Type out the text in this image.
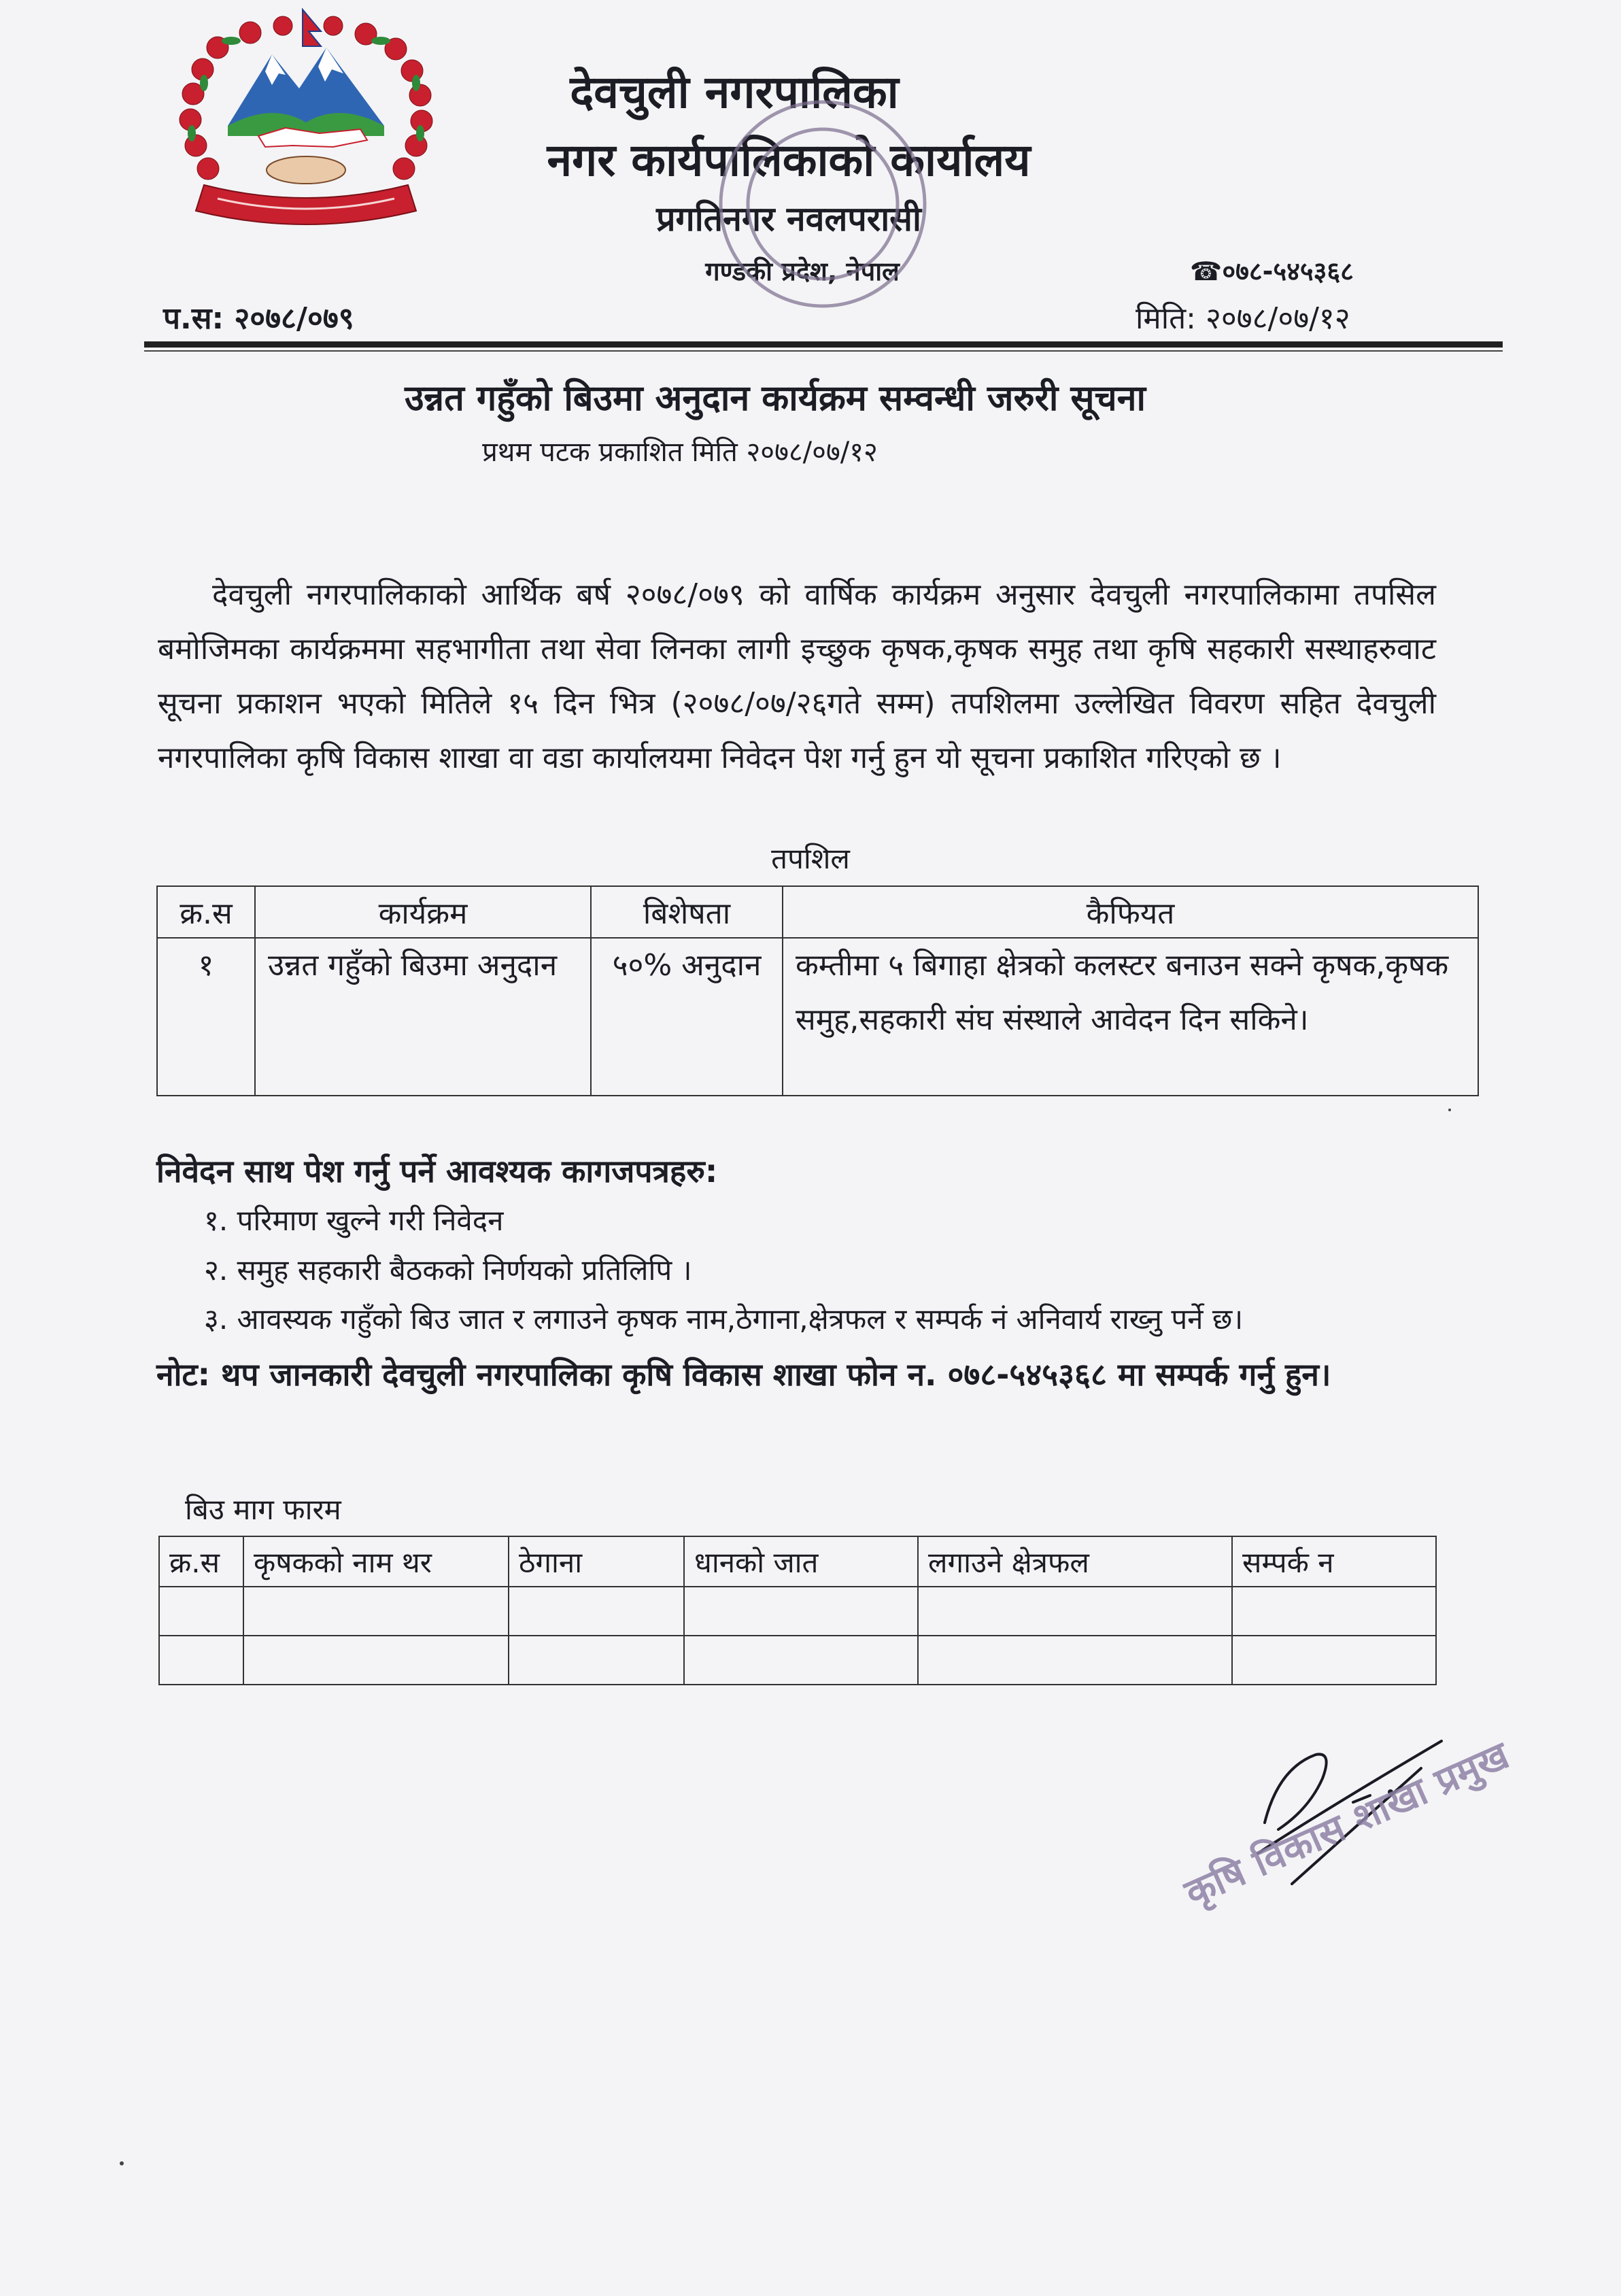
देवचुली नगरपालिका
नगर कार्यपालिकाको कार्यालय
प्रगतिनगर नवलपरासी
गण्डकी प्रदेश, नेपाल	☎०७८-५४५३६८
प.स: २०७८/०७९	मिति: २०७८/०७/१२
उन्नत गहुँको बिउमा अनुदान कार्यक्रम सम्वन्धी जरुरी सूचना
प्रथम पटक प्रकाशित मिति २०७८/०७/१२
देवचुली नगरपालिकाको आर्थिक बर्ष २०७८/०७९ को वार्षिक कार्यक्रम अनुसार देवचुली नगरपालिकामा तपसिल बमोजिमका कार्यक्रममा सहभागीता तथा सेवा लिनका लागी इच्छुक कृषक,कृषक समुह तथा कृषि सहकारी सस्थाहरुवाट सूचना प्रकाशन भएको मितिले १५ दिन भित्र (२०७८/०७/२६गते सम्म) तपशिलमा उल्लेखित विवरण सहित देवचुली नगरपालिका कृषि विकास शाखा वा वडा कार्यालयमा निवेदन पेश गर्नु हुन यो सूचना प्रकाशित गरिएको छ ।
तपशिल
क्र.स	कार्यक्रम	बिशेषता	कैफियत
१	उन्नत गहुँको बिउमा अनुदान	५०% अनुदान	कम्तीमा ५ बिगाहा क्षेत्रको कलस्टर बनाउन सक्ने कृषक,कृषक समुह,सहकारी संघ संस्थाले आवेदन दिन सकिने।
निवेदन साथ पेश गर्नु पर्ने आवश्यक कागजपत्रहरु:
१. परिमाण खुल्ने गरी निवेदन
२. समुह सहकारी बैठकको निर्णयको प्रतिलिपि ।
३. आवस्यक गहुँको बिउ जात र लगाउने कृषक नाम,ठेगाना,क्षेत्रफल र सम्पर्क नं अनिवार्य राख्नु पर्ने छ।
नोट: थप जानकारी देवचुली नगरपालिका कृषि विकास शाखा फोन न. ०७८-५४५३६८ मा सम्पर्क गर्नु हुन।
बिउ माग फारम
क्र.स	कृषकको नाम थर	ठेगाना	धानको जात	लगाउने क्षेत्रफल	सम्पर्क न

कृषि विकास शाखा प्रमुख
